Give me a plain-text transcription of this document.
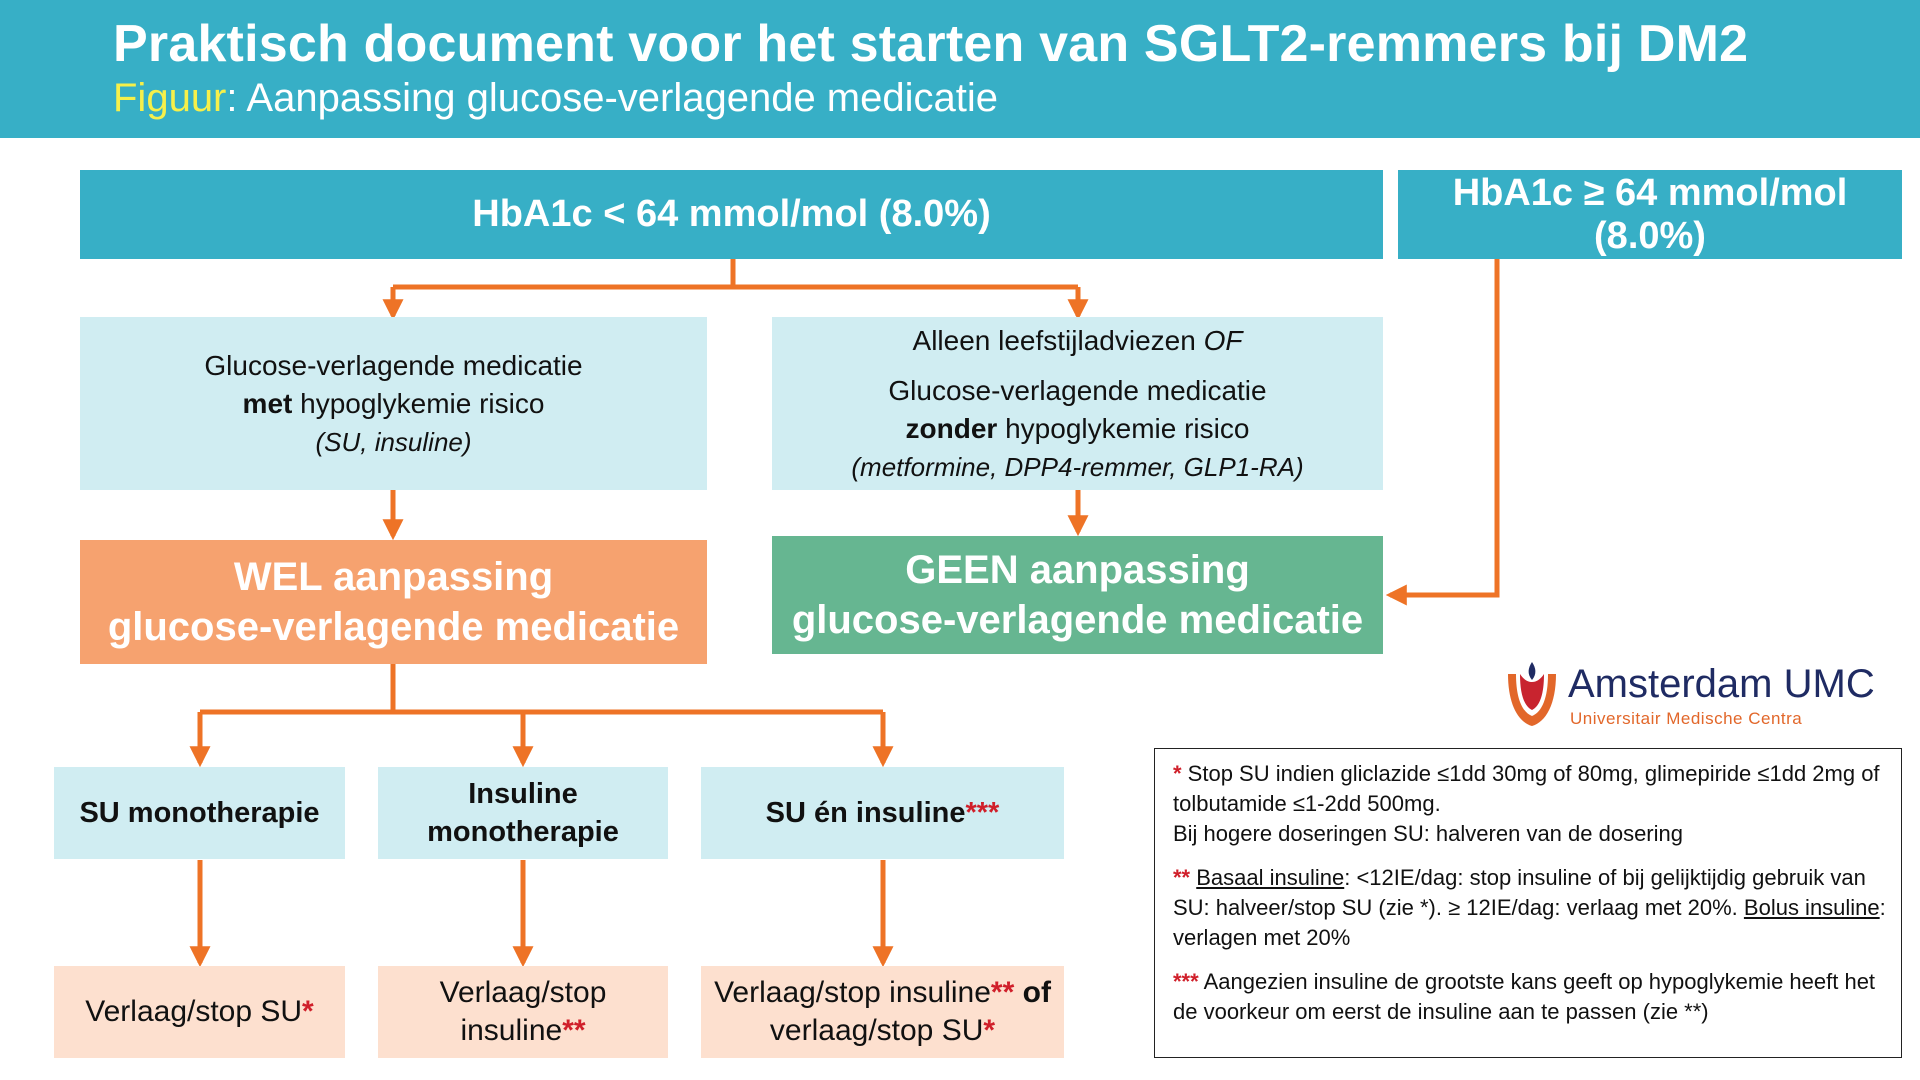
Praktisch document voor het starten van SGLT2-remmers bij DM2
Figuur: Aanpassing glucose-verlagende medicatie
HbA1c < 64 mmol/mol (8.0%)
HbA1c ≥ 64 mmol/mol (8.0%)
Glucose-verlagende medicatie
met hypoglykemie risico
(SU, insuline)
Alleen leefstijladviezen OF
Glucose-verlagende medicatie
zonder hypoglykemie risico
(metformine, DPP4-remmer, GLP1-RA)
WEL aanpassing
glucose-verlagende medicatie
GEEN aanpassing
glucose-verlagende medicatie
SU monotherapie
Insuline
monotherapie
SU én insuline***
Verlaag/stop SU*
Verlaag/stop
insuline**
Verlaag/stop insuline** of
verlaag/stop SU*
Amsterdam UMC
Universitair Medische Centra

* Stop SU indien gliclazide ≤1dd 30mg of 80mg, glimepiride ≤1dd 2mg of tolbutamide ≤1-2dd 500mg.
Bij hogere doseringen SU: halveren van de dosering

** Basaal insuline: <12IE/dag: stop insuline of bij gelijktijdig gebruik van SU: halveer/stop SU (zie *). ≥ 12IE/dag: verlaag met 20%. Bolus insuline: verlagen met 20%

*** Aangezien insuline de grootste kans geeft op hypoglykemie heeft het de voorkeur om eerst de insuline aan te passen (zie **)
